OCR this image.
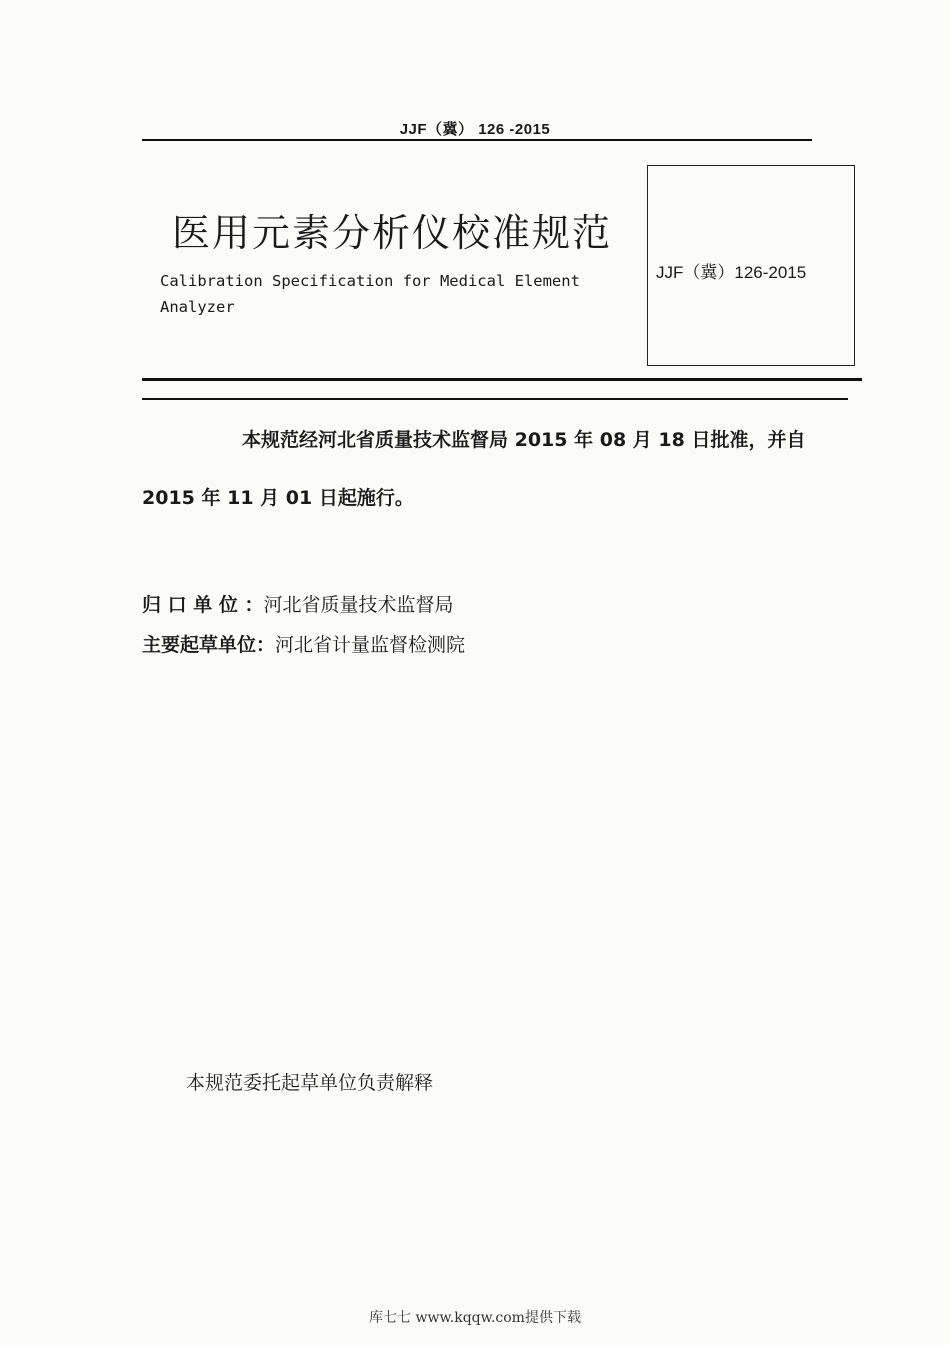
JJF（冀） 126 -2015
医用元素分析仪校准规范
Calibration Specification for Medical Element Analyzer
JJF（冀）126-2015
本规范经河北省质量技术监督局 2015 年 08 月 18 日批准，并自
2015 年 11 月 01 日起施行。
归 口 单 位 ：河北省质量技术监督局
主要起草单位：河北省计量监督检测院
本规范委托起草单位负责解释
库七七 www.kqqw.com提供下载
